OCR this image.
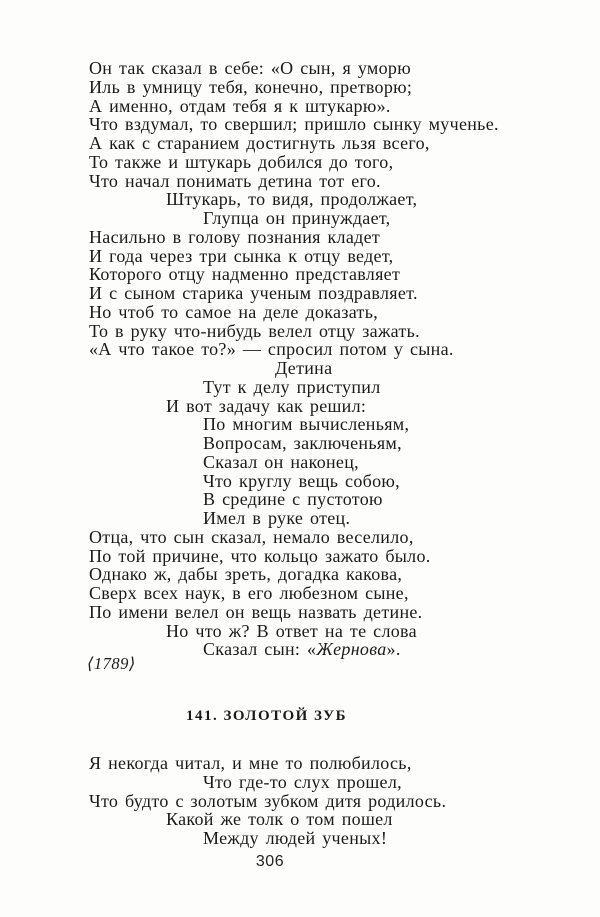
Он так сказал в себе: «О сын, я уморю
Иль в умницу тебя, конечно, претворю;
А именно, отдам тебя я к штукарю».
Что вздумал, то свершил; пришло сынку мученье.
А как с старанием достигнуть льзя всего,
То также и штукарь добился до того,
Что начал понимать детина тот его.
Штукарь, то видя, продолжает,
Глупца он принуждает,
Насильно в голову познания кладет
И года через три сынка к отцу ведет,
Которого отцу надменно представляет
И с сыном старика ученым поздравляет.
Но чтоб то самое на деле доказать,
То в руку что-нибудь велел отцу зажать.
«А что такое то?» — спросил потом у сына.
Детина
Тут к делу приступил
И вот задачу как решил:
По многим вычисленьям,
Вопросам, заключеньям,
Сказал он наконец,
Что круглу вещь собою,
В средине с пустотою
Имел в руке отец.
Отца, что сын сказал, немало веселило,
По той причине, что кольцо зажато было.
Однако ж, дабы зреть, догадка какова,
Сверх всех наук, в его любезном сыне,
По имени велел он вещь назвать детине.
Но что ж? В ответ на те слова
Сказал сын: «Жернова».
⟨1789⟩
141. ЗОЛОТОЙ ЗУБ
Я некогда читал, и мне то полюбилось,
Что где-то слух прошел,
Что будто с золотым зубком дитя родилось.
Какой же толк о том пошел
Между людей ученых!
306
